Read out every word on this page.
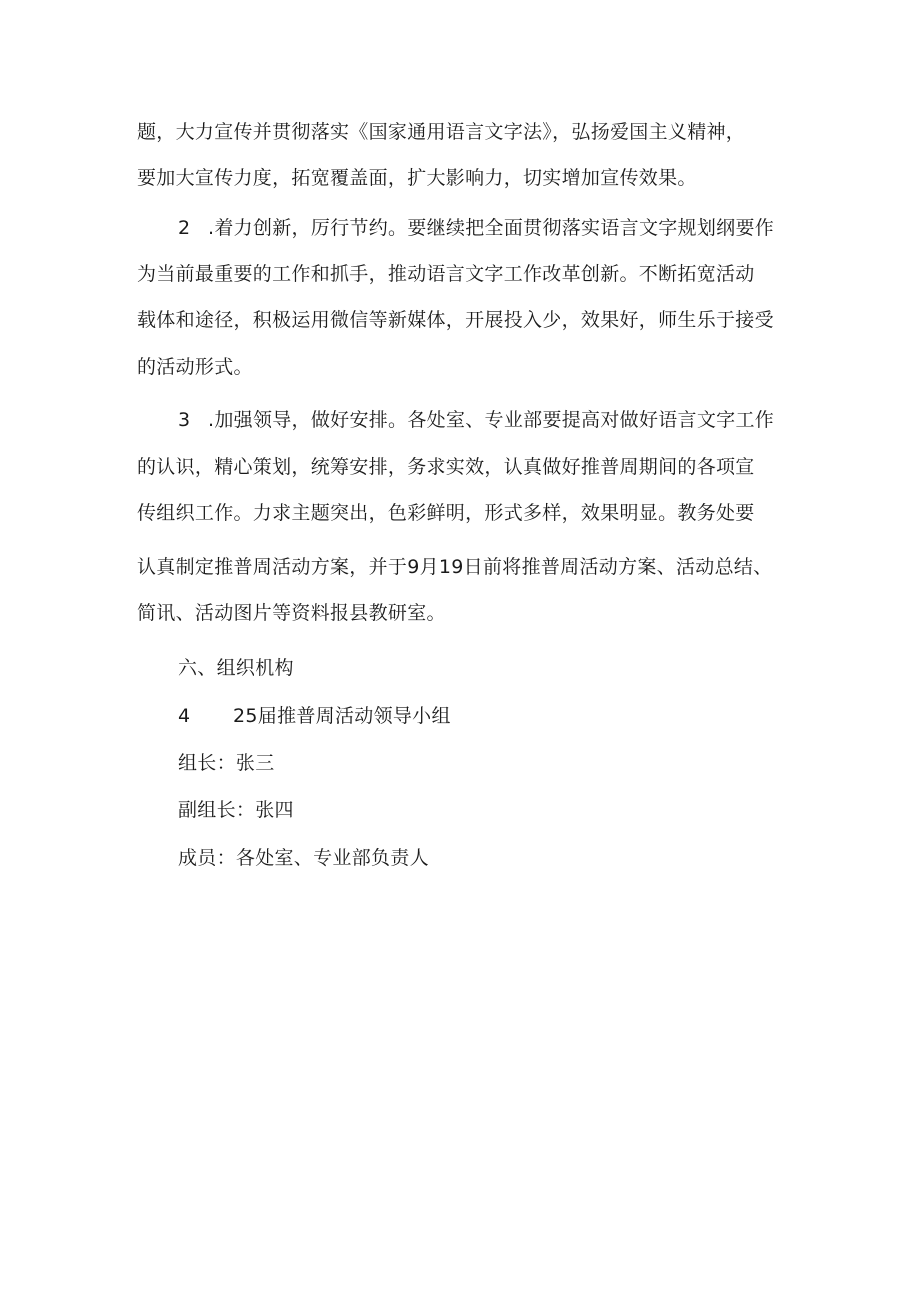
题，大力宣传并贯彻落实《国家通用语言文字法》，弘扬爱国主义精神，
要加大宣传力度，拓宽覆盖面，扩大影响力，切实增加宣传效果。
2 .着力创新，厉行节约。要继续把全面贯彻落实语言文字规划纲要作
为当前最重要的工作和抓手，推动语言文字工作改革创新。不断拓宽活动
载体和途径，积极运用微信等新媒体，开展投入少，效果好，师生乐于接受
的活动形式。
3 .加强领导，做好安排。各处室、专业部要提高对做好语言文字工作
的认识，精心策划，统筹安排，务求实效，认真做好推普周期间的各项宣
传组织工作。力求主题突出，色彩鲜明，形式多样，效果明显。教务处要
认真制定推普周活动方案，并于9月19日前将推普周活动方案、活动总结、
简讯、活动图片等资料报县教研室。
六、组织机构
4 25届推普周活动领导小组
组长：张三
副组长：张四
成员：各处室、专业部负责人
